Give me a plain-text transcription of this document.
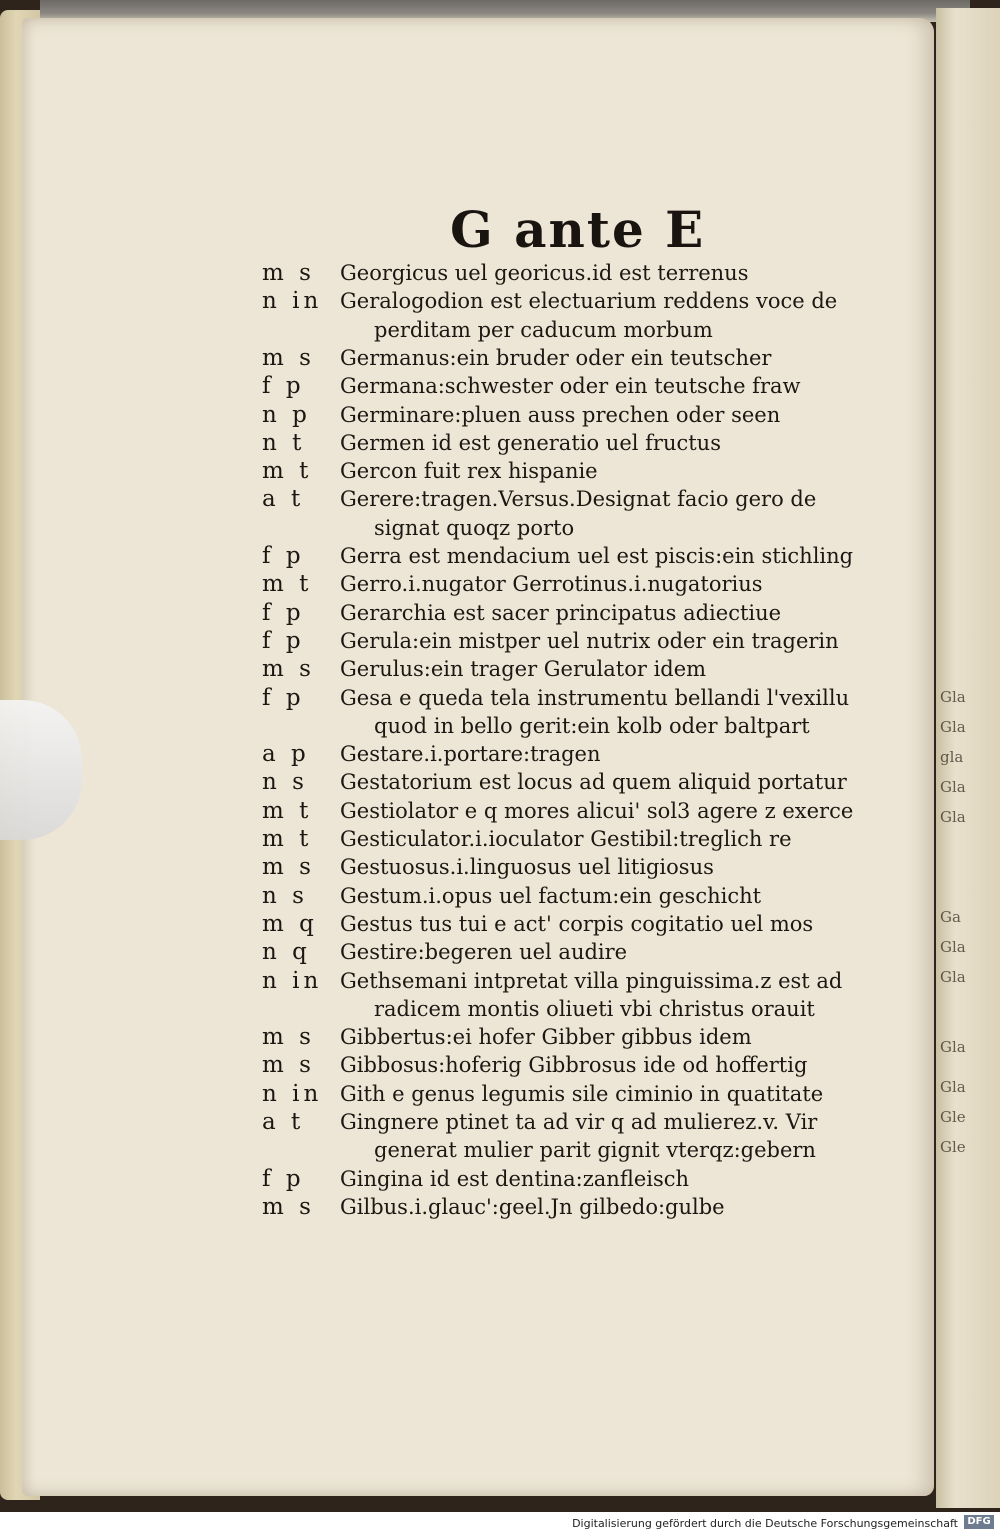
Gla
Gla
gla
Gla
Gla
Ga
Gla
Gla
Gla
Gla
Gle
Gle
G ante E
m s	Georgicus uel georicus.id est terrenus
n in Geralogodion est electuarium reddens voce de
perditam per caducum morbum
m s	Germanus:ein bruder oder ein teutscher
f p	Germana:schwester oder ein teutsche fraw
n p	Germinare:pluen auss prechen oder seen
n t	Germen id est generatio uel fructus
m t	Gercon fuit rex hispanie
a t	Gerere:tragen.Versus.Designat facio gero de
signat quoqz porto
f p	Gerra est mendacium uel est piscis:ein stichling
m t	Gerro.i.nugator Gerrotinus.i.nugatorius
f p	Gerarchia est sacer principatus adiectiue
f p	Gerula:ein mistper uel nutrix oder ein tragerin
m s	Gerulus:ein trager Gerulator idem
f p	Gesa e queda tela instrumentu bellandi l'vexillu
quod in bello gerit:ein kolb oder baltpart
a p	Gestare.i.portare:tragen
n s	Gestatorium est locus ad quem aliquid portatur
m t	Gestiolator e q mores alicui' sol3 agere z exerce
m t	Gesticulator.i.ioculator Gestibil:treglich re
m s	Gestuosus.i.linguosus uel litigiosus
n s	Gestum.i.opus uel factum:ein geschicht
m q	Gestus tus tui e act' corpis cogitatio uel mos
n q	Gestire:begeren uel audire
n in Gethsemani intpretat villa pinguissima.z est ad
radicem montis oliueti vbi christus orauit
m s	Gibbertus:ei hofer Gibber gibbus idem
m s	Gibbosus:hoferig Gibbrosus ide od hoffertig
n in Gith e genus legumis sile ciminio in quatitate
a t	Gingnere ptinet ta ad vir q ad mulierez.v. Vir
generat mulier parit gignit vterqz:gebern
f p	Gingina id est dentina:zanfleisch
m s	Gilbus.i.glauc':geel.Jn gilbedo:gulbe
Digitalisierung gefördert durch die Deutsche Forschungsgemeinschaft DFG
